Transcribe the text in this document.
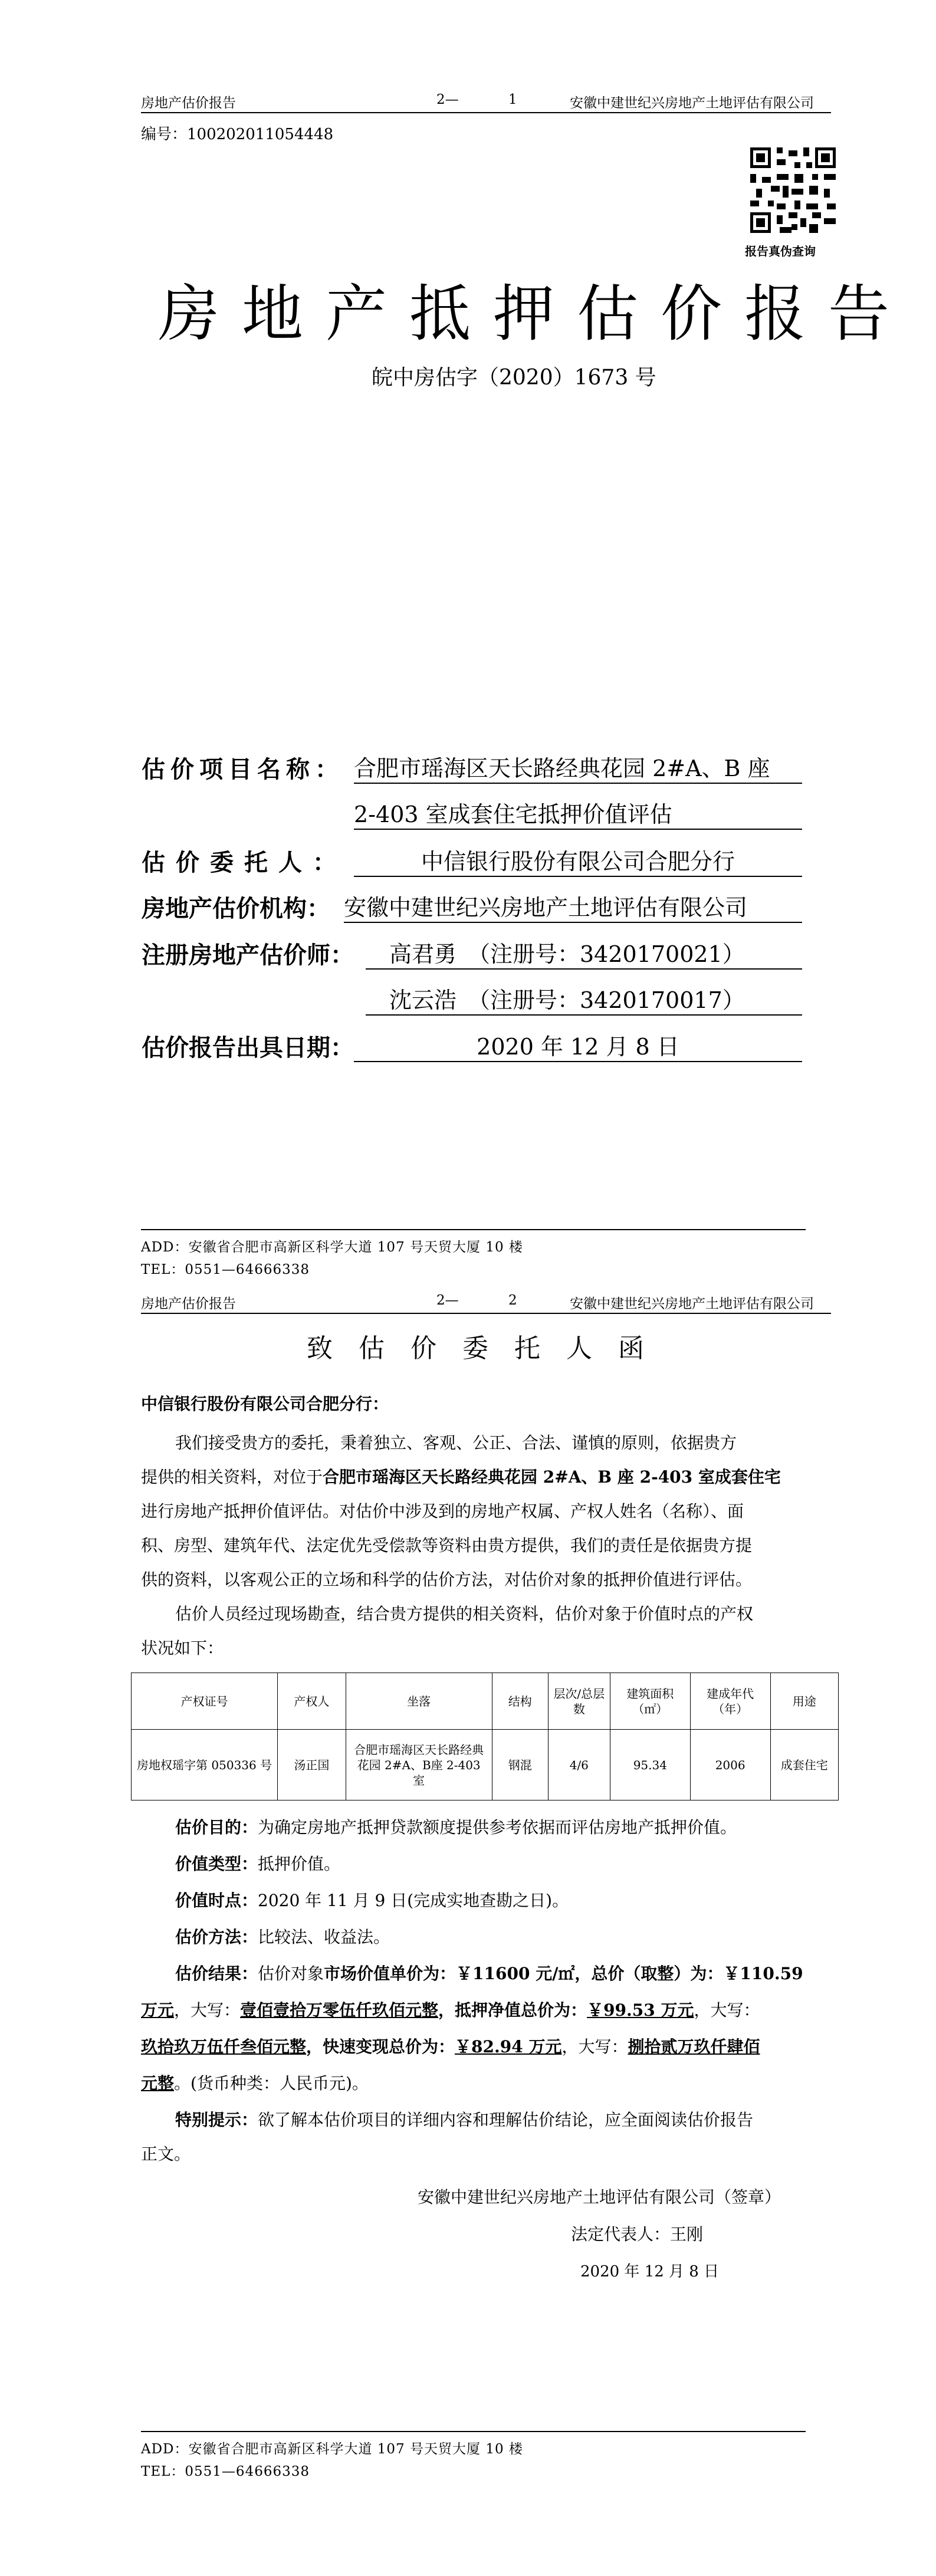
房地产估价报告	2—	1	安徽中建世纪兴房地产土地评估有限公司
编号：100202011054448
报告真伪查询
房地产抵押估价报告
皖中房估字（2020）1673 号
估价项目名称： 合肥市瑶海区天长路经典花园 2#A、B 座
2-403 室成套住宅抵押价值评估
估价委托人：	中信银行股份有限公司合肥分行
房地产估价机构： 安徽中建世纪兴房地产土地评估有限公司
注册房地产估价师：	高君勇　（注册号：3420170021）
沈云浩　（注册号：3420170017）
估价报告出具日期：	2020 年 12 月 8 日
ADD：安徽省合肥市高新区科学大道 107 号天贸大厦 10 楼
TEL：0551—64666338
房地产估价报告	2—	2	安徽中建世纪兴房地产土地评估有限公司
致估价委托人函
中信银行股份有限公司合肥分行：
我们接受贵方的委托，秉着独立、客观、公正、合法、谨慎的原则，依据贵方
提供的相关资料，对位于合肥市瑶海区天长路经典花园 2#A、B 座 2-403 室成套住宅
进行房地产抵押价值评估。对估价中涉及到的房地产权属、产权人姓名（名称）、面
积、房型、建筑年代、法定优先受偿款等资料由贵方提供，我们的责任是依据贵方提
供的资料，以客观公正的立场和科学的估价方法，对估价对象的抵押价值进行评估。
估价人员经过现场勘查，结合贵方提供的相关资料，估价对象于价值时点的产权
状况如下：
产权证号	产权人	坐落	结构	层次/总层数	建筑面积（㎡）	建成年代（年）	用途
房地权瑶字第 050336 号	汤正国	合肥市瑶海区天长路经典花园 2#A、B座 2-403 室	钢混	4/6	95.34	2006	成套住宅
估价目的：为确定房地产抵押贷款额度提供参考依据而评估房地产抵押价值。
价值类型：抵押价值。
价值时点：2020 年 11 月 9 日(完成实地查勘之日)。
估价方法：比较法、收益法。
估价结果：估价对象市场价值单价为：￥11600 元/㎡，总价（取整）为：￥110.59
万元，大写：壹佰壹拾万零伍仟玖佰元整，抵押净值总价为：￥99.53 万元，大写：
玖拾玖万伍仟叁佰元整，快速变现总价为：￥82.94 万元，大写：捌拾贰万玖仟肆佰
元整。(货币种类：人民币元)。
特别提示：欲了解本估价项目的详细内容和理解估价结论，应全面阅读估价报告
正文。
安徽中建世纪兴房地产土地评估有限公司（签章）
法定代表人：王刚
2020 年 12 月 8 日
ADD：安徽省合肥市高新区科学大道 107 号天贸大厦 10 楼
TEL：0551—64666338
